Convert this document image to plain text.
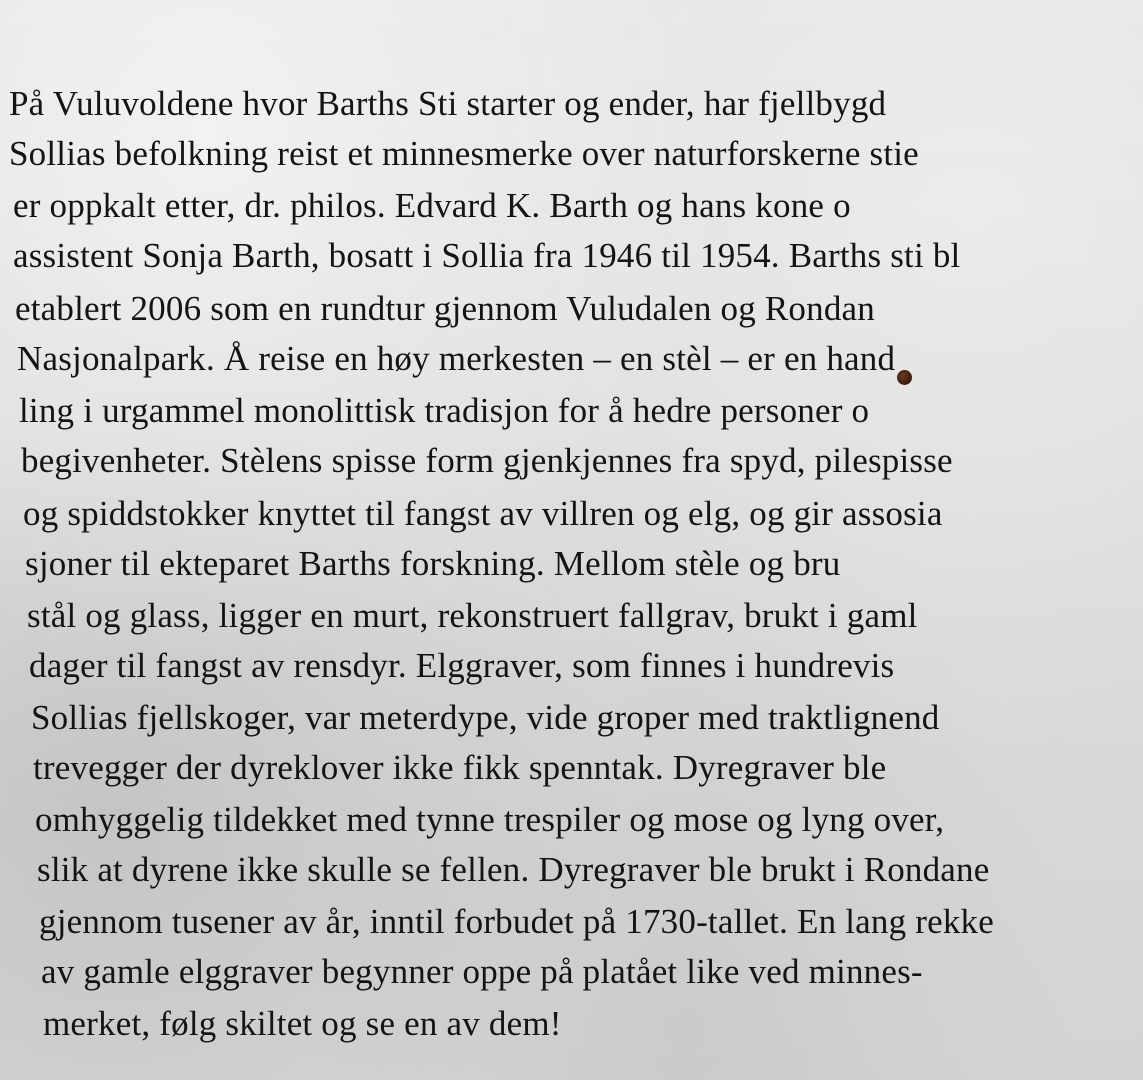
På Vuluvoldene hvor Barths Sti starter og ender, har fjellbygd
Sollias befolkning reist et minnesmerke over naturforskerne stie
er oppkalt etter, dr. philos. Edvard K. Barth og hans kone o
assistent Sonja Barth, bosatt i Sollia fra 1946 til 1954. Barths sti bl
etablert 2006 som en rundtur gjennom Vuludalen og Rondan
Nasjonalpark. Å reise en høy merkesten – en stèl – er en hand
ling i urgammel monolittisk tradisjon for å hedre personer o
begivenheter. Stèlens spisse form gjenkjennes fra spyd, pilespisse
og spiddstokker knyttet til fangst av villren og elg, og gir assosia
sjoner til ekteparet Barths forskning. Mellom stèle og bru
stål og glass, ligger en murt, rekonstruert fallgrav, brukt i gaml
dager til fangst av rensdyr. Elggraver, som finnes i hundrevis
Sollias fjellskoger, var meterdype, vide groper med traktlignend
trevegger der dyreklover ikke fikk spenntak. Dyregraver ble
omhyggelig tildekket med tynne trespiler og mose og lyng over,
slik at dyrene ikke skulle se fellen. Dyregraver ble brukt i Rondane
gjennom tusener av år, inntil forbudet på 1730-tallet. En lang rekke
av gamle elggraver begynner oppe på platået like ved minnes-
merket, følg skiltet og se en av dem!
